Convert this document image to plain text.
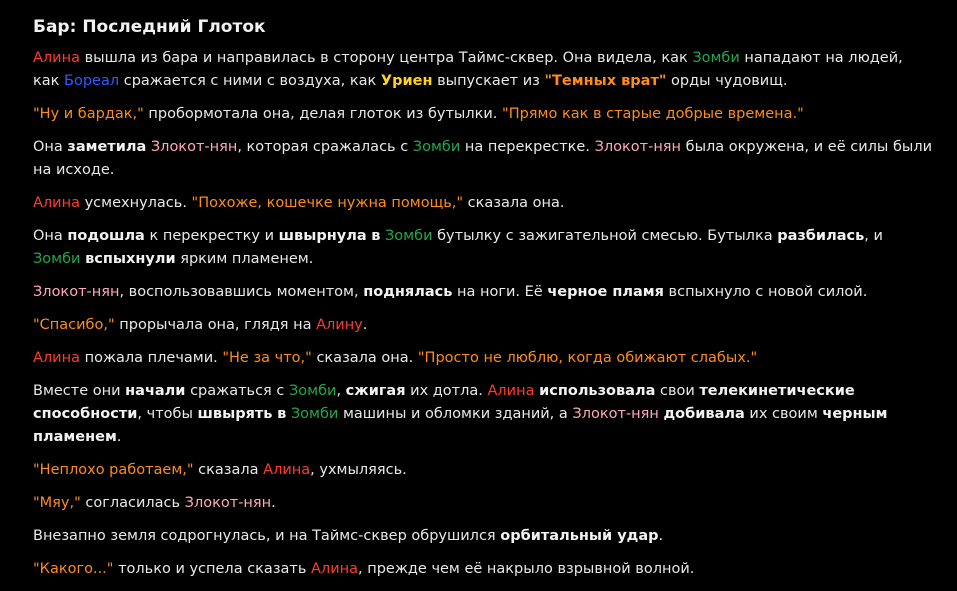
Бар: Последний Глоток

Алина вышла из бара и направилась в сторону центра Таймс-сквер. Она видела, как Зомби нападают на людей, как Бореал сражается с ними с воздуха, как Уриен выпускает из "Темных врат" орды чудовищ.

"Ну и бардак," пробормотала она, делая глоток из бутылки. "Прямо как в старые добрые времена."

Она заметила Злокот-нян, которая сражалась с Зомби на перекрестке. Злокот-нян была окружена, и её силы были на исходе.

Алина усмехнулась. "Похоже, кошечке нужна помощь," сказала она.

Она подошла к перекрестку и швырнула в Зомби бутылку с зажигательной смесью. Бутылка разбилась, и Зомби вспыхнули ярким пламенем.

Злокот-нян, воспользовавшись моментом, поднялась на ноги. Её черное пламя вспыхнуло с новой силой.

"Спасибо," прорычала она, глядя на Алину.

Алина пожала плечами. "Не за что," сказала она. "Просто не люблю, когда обижают слабых."

Вместе они начали сражаться с Зомби, сжигая их дотла. Алина использовала свои телекинетические способности, чтобы швырять в Зомби машины и обломки зданий, а Злокот-нян добивала их своим черным пламенем.

"Неплохо работаем," сказала Алина, ухмыляясь.

"Мяу," согласилась Злокот-нян.

Внезапно земля содрогнулась, и на Таймс-сквер обрушился орбитальный удар.

"Какого..." только и успела сказать Алина, прежде чем её накрыло взрывной волной.
